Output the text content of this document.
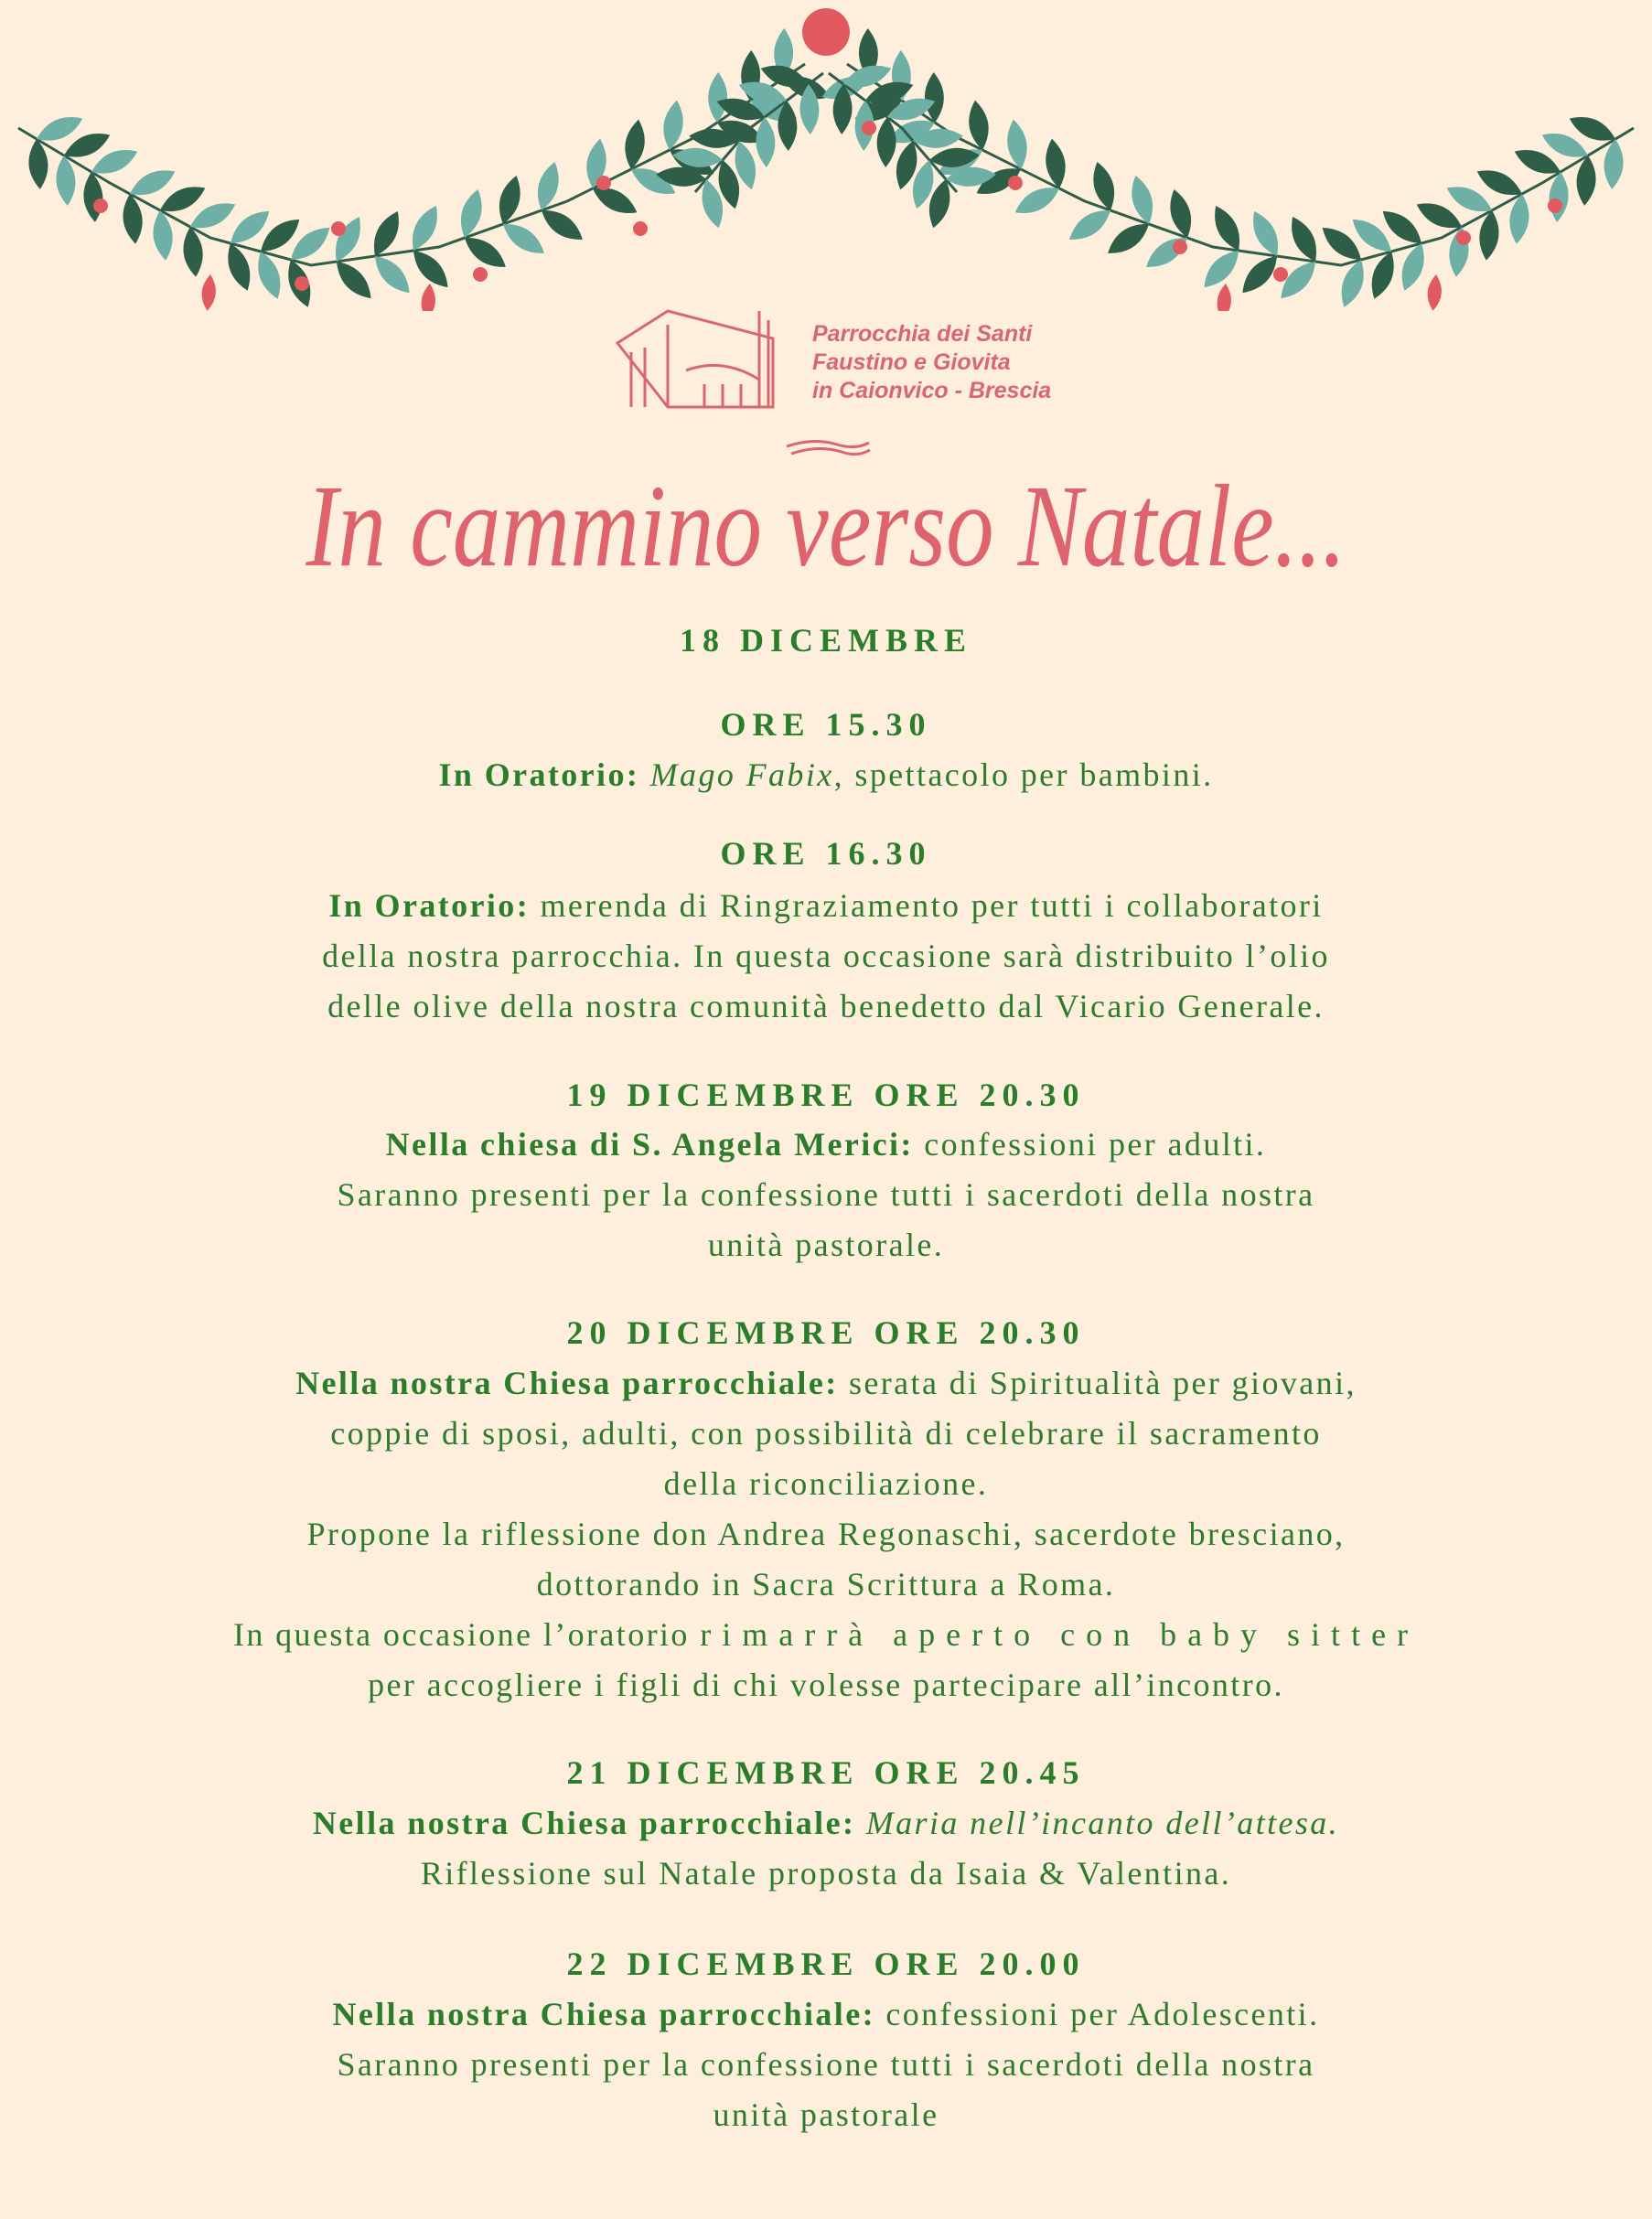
Parrocchia dei Santi
Faustino e Giovita
in Caionvico - Brescia
In cammino verso Natale...
18 DICEMBRE
ORE 15.30
In Oratorio: Mago Fabix, spettacolo per bambini.
ORE 16.30
In Oratorio: merenda di Ringraziamento per tutti i collaboratori
della nostra parrocchia. In questa occasione sarà distribuito l’olio
delle olive della nostra comunità benedetto dal Vicario Generale.
19 DICEMBRE ORE 20.30
Nella chiesa di S. Angela Merici: confessioni per adulti.
Saranno presenti per la confessione tutti i sacerdoti della nostra
unità pastorale.
20 DICEMBRE ORE 20.30
Nella nostra Chiesa parrocchiale: serata di Spiritualità per giovani,
coppie di sposi, adulti, con possibilità di celebrare il sacramento
della riconciliazione.
Propone la riflessione don Andrea Regonaschi, sacerdote bresciano,
dottorando in Sacra Scrittura a Roma.
In questa occasione l’oratorio rimarrà aperto con baby sitter
per accogliere i figli di chi volesse partecipare all’incontro.
21 DICEMBRE ORE 20.45
Nella nostra Chiesa parrocchiale: Maria nell’incanto dell’attesa.
Riflessione sul Natale proposta da Isaia & Valentina.
22 DICEMBRE ORE 20.00
Nella nostra Chiesa parrocchiale: confessioni per Adolescenti.
Saranno presenti per la confessione tutti i sacerdoti della nostra
unità pastorale
